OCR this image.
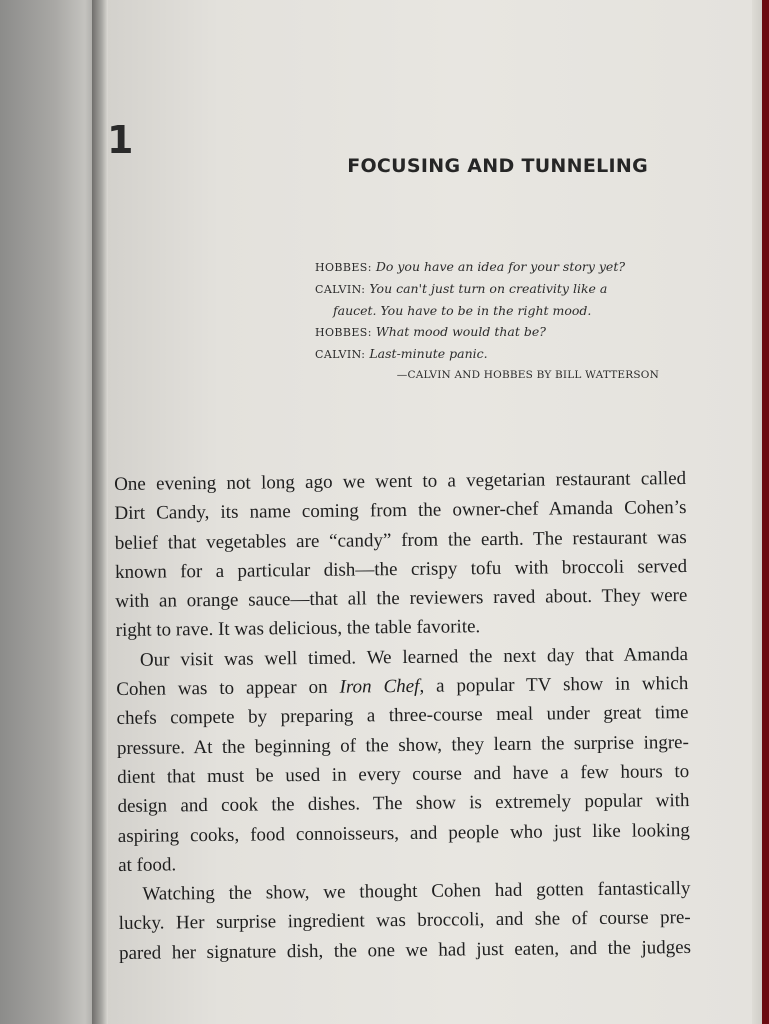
1
FOCUSING AND TUNNELING

HOBBES: Do you have an idea for your story yet?

CALVIN: You can't just turn on creativity like a

faucet. You have to be in the right mood.

HOBBES: What mood would that be?

CALVIN: Last-minute panic.

—CALVIN AND HOBBES BY BILL WATTERSON

One evening not long ago we went to a vegetarian restaurant called
Dirt Candy, its name coming from the owner-chef Amanda Cohen’s
belief that vegetables are “candy” from the earth. The restaurant was
known for a particular dish—the crispy tofu with broccoli served
with an orange sauce—that all the reviewers raved about. They were
right to rave. It was delicious, the table favorite.

Our visit was well timed. We learned the next day that Amanda
Cohen was to appear on Iron Chef, a popular TV show in which
chefs compete by preparing a three-course meal under great time
pressure. At the beginning of the show, they learn the surprise ingre-
dient that must be used in every course and have a few hours to
design and cook the dishes. The show is extremely popular with
aspiring cooks, food connoisseurs, and people who just like looking
at food.

Watching the show, we thought Cohen had gotten fantastically
lucky. Her surprise ingredient was broccoli, and she of course pre-
pared her signature dish, the one we had just eaten, and the judges
